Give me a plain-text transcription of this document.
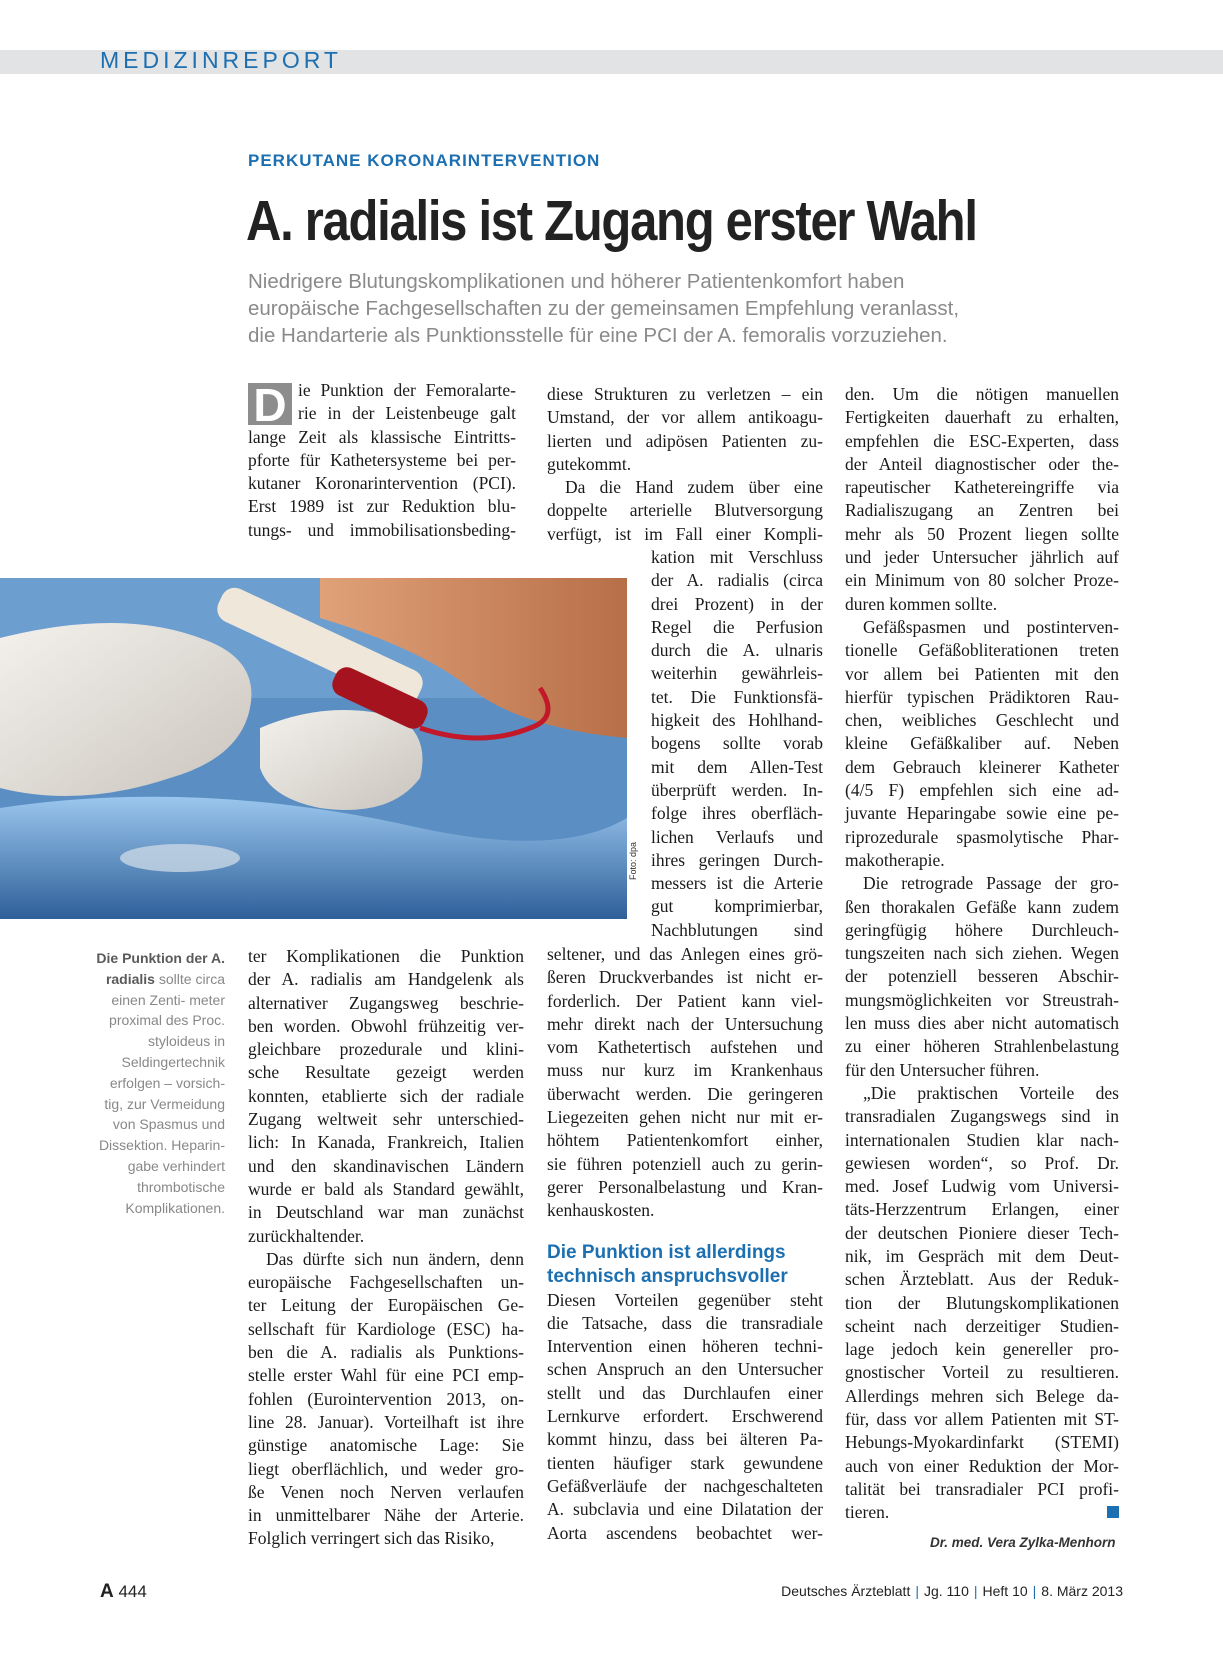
MEDIZINREPORT
PERKUTANE KORONARINTERVENTION
A. radialis ist Zugang erster Wahl
Niedrigere Blutungskomplikationen und höherer Patientenkomfort haben
europäische Fachgesellschaften zu der gemeinsamen Empfehlung veranlasst,
die Handarterie als Punktionsstelle für eine PCI der A. femoralis vorzuziehen.
D ie Punktion der Femoralarte-
rie in der Leistenbeuge galt
lange Zeit als klassische Eintritts-
pforte für Kathetersysteme bei per-
kutaner Koronarintervention (PCI).
Erst 1989 ist zur Reduktion blu-
tungs- und immobilisationsbeding-
Foto: dpa
Die Punktion der A. radialis sollte circa einen Zenti- meter proximal des Proc. styloideus in Seldingertechnik erfolgen – vorsich- tig, zur Vermeidung von Spasmus und Dissektion. Heparin- gabe verhindert thrombotische Komplikationen.
ter Komplikationen die Punktion
der A. radialis am Handgelenk als
alternativer Zugangsweg beschrie-
ben worden. Obwohl frühzeitig ver-
gleichbare prozedurale und klini-
sche Resultate gezeigt werden
konnten, etablierte sich der radiale
Zugang weltweit sehr unterschied-
lich: In Kanada, Frankreich, Italien
und den skandinavischen Ländern
wurde er bald als Standard gewählt,
in Deutschland war man zunächst
zurückhaltender.
Das dürfte sich nun ändern, denn
europäische Fachgesellschaften un-
ter Leitung der Europäischen Ge-
sellschaft für Kardiologe (ESC) ha-
ben die A. radialis als Punktions-
stelle erster Wahl für eine PCI emp-
fohlen (Eurointervention 2013, on-
line 28. Januar). Vorteilhaft ist ihre
günstige anatomische Lage: Sie
liegt oberflächlich, und weder gro-
ße Venen noch Nerven verlaufen
in unmittelbarer Nähe der Arterie.
Folglich verringert sich das Risiko,
diese Strukturen zu verletzen – ein
Umstand, der vor allem antikoagu-
lierten und adipösen Patienten zu-
gutekommt.
Da die Hand zudem über eine
doppelte arterielle Blutversorgung
verfügt, ist im Fall einer Kompli-
kation mit Verschluss
der A. radialis (circa
drei Prozent) in der
Regel die Perfusion
durch die A. ulnaris
weiterhin gewährleis-
tet. Die Funktionsfä-
higkeit des Hohlhand-
bogens sollte vorab
mit dem Allen-Test
überprüft werden. In-
folge ihres oberfläch-
lichen Verlaufs und
ihres geringen Durch-
messers ist die Arterie
gut komprimierbar,
Nachblutungen sind
seltener, und das Anlegen eines grö-
ßeren Druckverbandes ist nicht er-
forderlich. Der Patient kann viel-
mehr direkt nach der Untersuchung
vom Kathetertisch aufstehen und
muss nur kurz im Krankenhaus
überwacht werden. Die geringeren
Liegezeiten gehen nicht nur mit er-
höhtem Patientenkomfort einher,
sie führen potenziell auch zu gerin-
gerer Personalbelastung und Kran-
kenhauskosten.
Die Punktion ist allerdings
technisch anspruchsvoller
Diesen Vorteilen gegenüber steht
die Tatsache, dass die transradiale
Intervention einen höheren techni-
schen Anspruch an den Untersucher
stellt und das Durchlaufen einer
Lernkurve erfordert. Erschwerend
kommt hinzu, dass bei älteren Pa-
tienten häufiger stark gewundene
Gefäßverläufe der nachgeschalteten
A. subclavia und eine Dilatation der
Aorta ascendens beobachtet wer-
den. Um die nötigen manuellen
Fertigkeiten dauerhaft zu erhalten,
empfehlen die ESC-Experten, dass
der Anteil diagnostischer oder the-
rapeutischer Kathetereingriffe via
Radialiszugang an Zentren bei
mehr als 50 Prozent liegen sollte
und jeder Untersucher jährlich auf
ein Minimum von 80 solcher Proze-
duren kommen sollte.
Gefäßspasmen und postinterven-
tionelle Gefäßobliterationen treten
vor allem bei Patienten mit den
hierfür typischen Prädiktoren Rau-
chen, weibliches Geschlecht und
kleine Gefäßkaliber auf. Neben
dem Gebrauch kleinerer Katheter
(4/5 F) empfehlen sich eine ad-
juvante Heparingabe sowie eine pe-
riprozedurale spasmolytische Phar-
makotherapie.
Die retrograde Passage der gro-
ßen thorakalen Gefäße kann zudem
geringfügig höhere Durchleuch-
tungszeiten nach sich ziehen. Wegen
der potenziell besseren Abschir-
mungsmöglichkeiten vor Streustrah-
len muss dies aber nicht automatisch
zu einer höheren Strahlenbelastung
für den Untersucher führen.
„Die praktischen Vorteile des
transradialen Zugangswegs sind in
internationalen Studien klar nach-
gewiesen worden“, so Prof. Dr.
med. Josef Ludwig vom Universi-
täts-Herzzentrum Erlangen, einer
der deutschen Pioniere dieser Tech-
nik, im Gespräch mit dem Deut-
schen Ärzteblatt. Aus der Reduk-
tion der Blutungskomplikationen
scheint nach derzeitiger Studien-
lage jedoch kein genereller pro-
gnostischer Vorteil zu resultieren.
Allerdings mehren sich Belege da-
für, dass vor allem Patienten mit ST-
Hebungs-Myokardinfarkt (STEMI)
auch von einer Reduktion der Mor-
talität bei transradialer PCI profi-
tieren.
Dr. med. Vera Zylka-Menhorn
A 444	Deutsches Ärzteblatt | Jg. 110 | Heft 10 | 8. März 2013
